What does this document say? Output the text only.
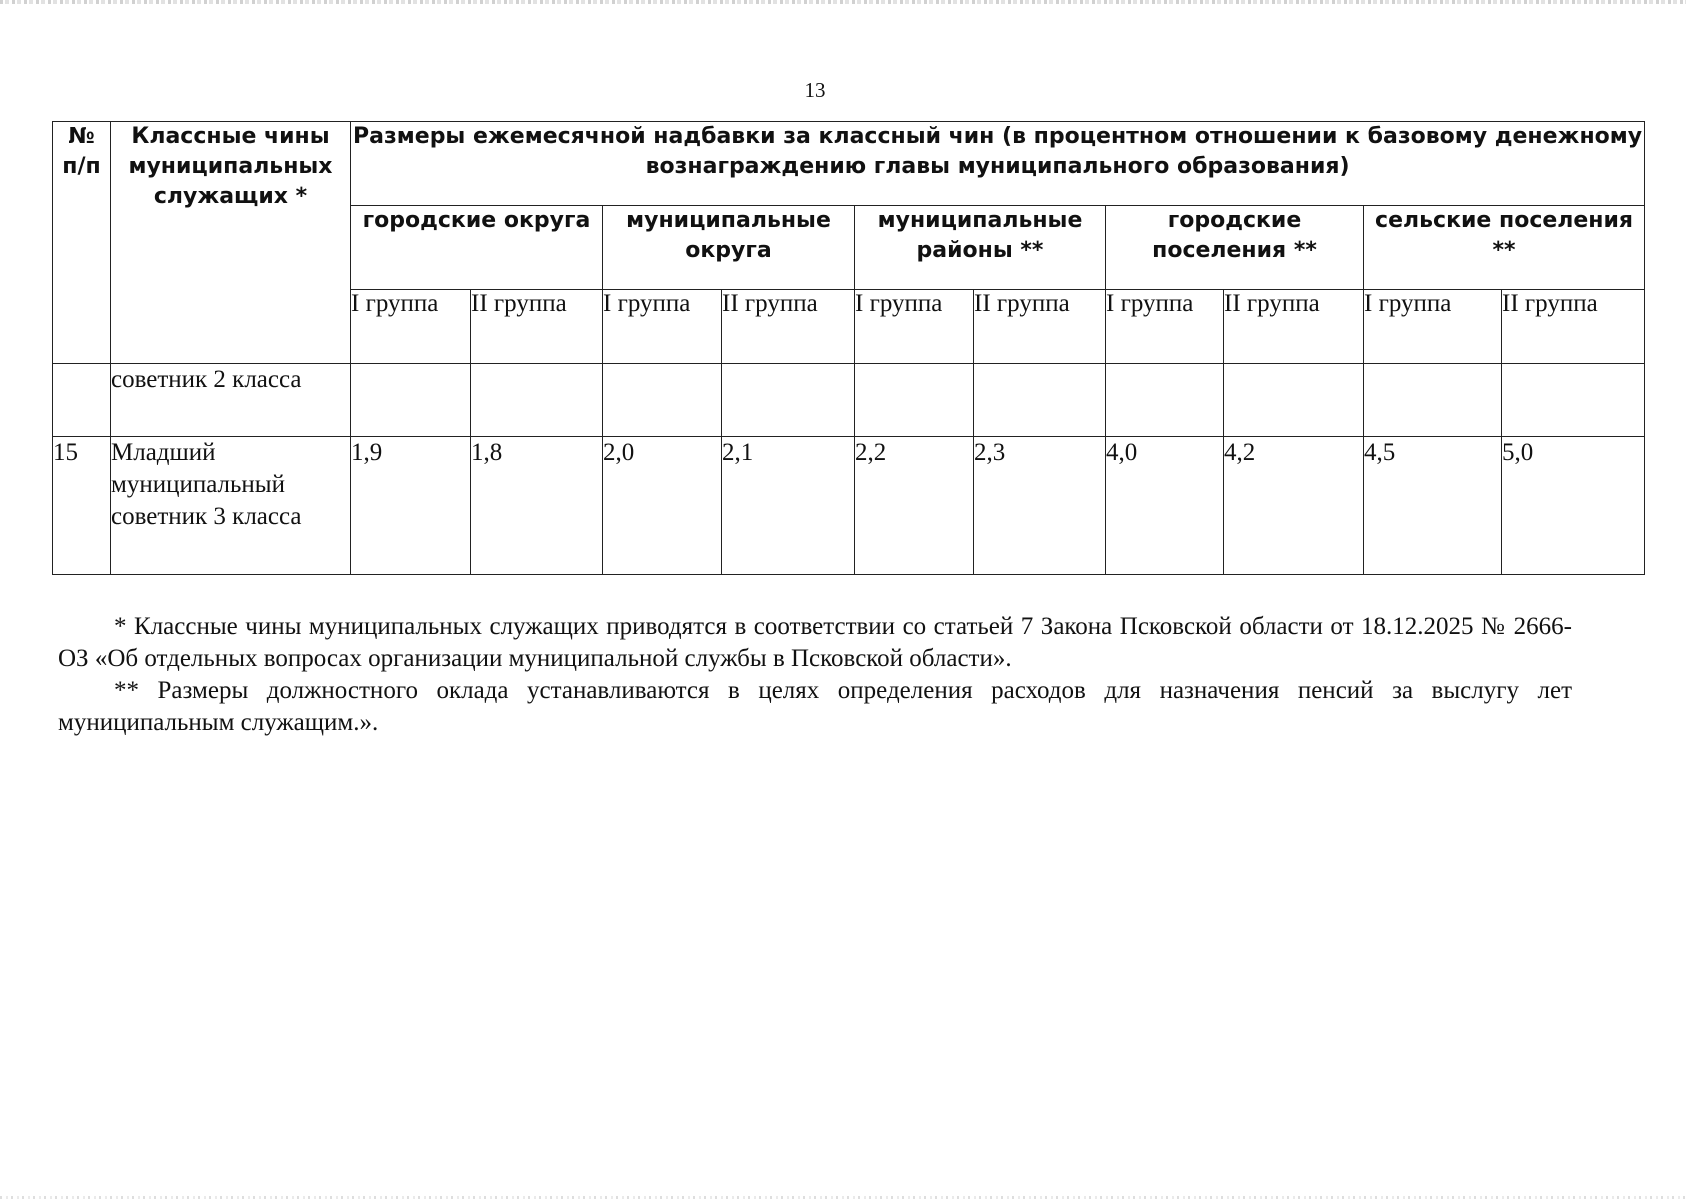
13
№ п/п	Классные чины муниципальных служащих *	Размеры ежемесячной надбавки за классный чин (в процентном отношении к базовому денежному вознаграждению главы муниципального образования)									
		городские округа		муниципальные округа		муниципальные районы **		городские поселения **		сельские поселения **	
		I группа	II группа	I группа	II группа	I группа	II группа	I группа	II группа	I группа	II группа
	советник 2 класса										
15	Младший муниципальный советник 3 класса	1,9	1,8	2,0	2,1	2,2	2,3	4,0	4,2	4,5	5,0

* Классные чины муниципальных служащих приводятся в соответствии со статьей 7 Закона Псковской области от 18.12.2025 № 2666-ОЗ «Об отдельных вопросах организации муниципальной службы в Псковской области».

** Размеры должностного оклада устанавливаются в целях определения расходов для назначения пенсий за выслугу лет муниципальным служащим.».
